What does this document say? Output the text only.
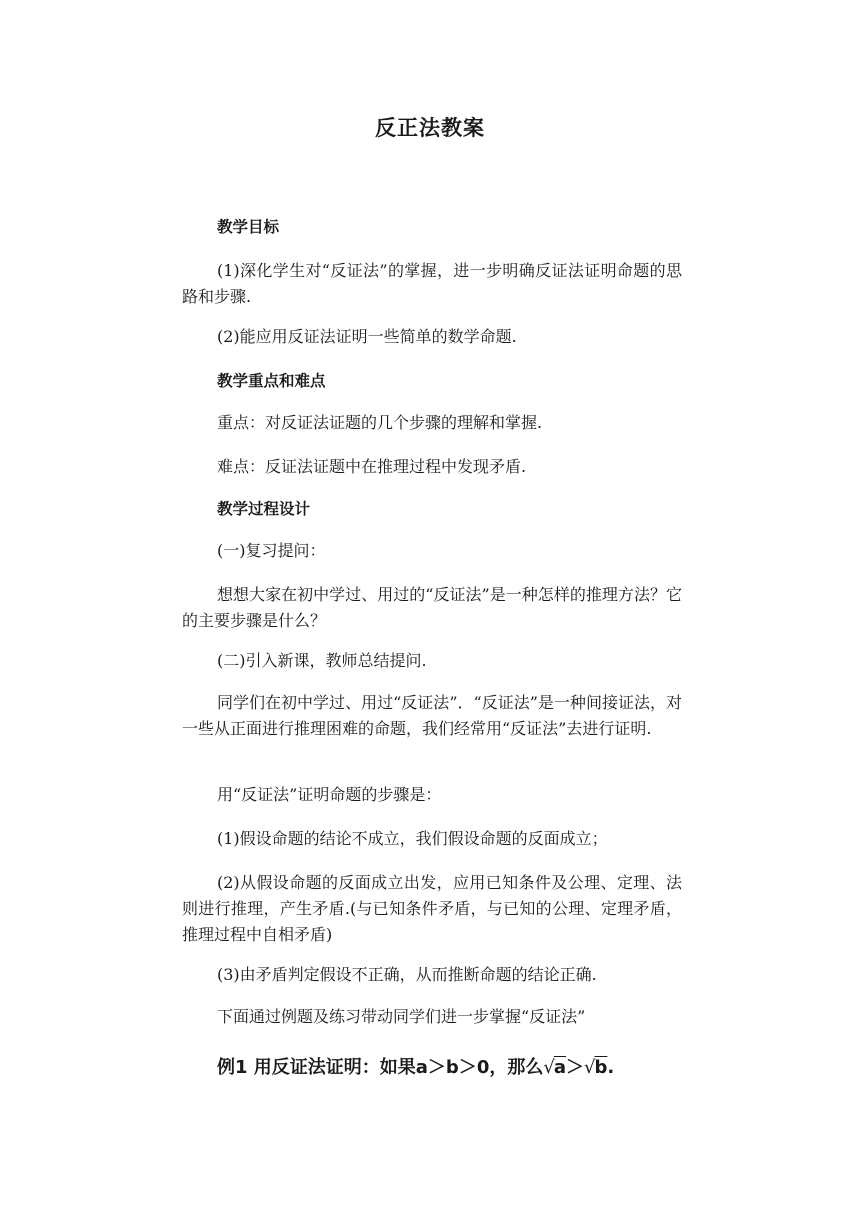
反正法教案
教学目标
(1)深化学生对“反证法”的掌握，进一步明确反证法证明命题的思路和步骤.
(2)能应用反证法证明一些简单的数学命题.
教学重点和难点
重点：对反证法证题的几个步骤的理解和掌握.
难点：反证法证题中在推理过程中发现矛盾.
教学过程设计
(一)复习提问：
想想大家在初中学过、用过的“反证法”是一种怎样的推理方法？它的主要步骤是什么？
(二)引入新课，教师总结提问.
同学们在初中学过、用过“反证法”．“反证法”是一种间接证法，对一些从正面进行推理困难的命题，我们经常用“反证法”去进行证明.
用“反证法”证明命题的步骤是：
(1)假设命题的结论不成立，我们假设命题的反面成立；
(2)从假设命题的反面成立出发，应用已知条件及公理、定理、法则进行推理，产生矛盾.(与已知条件矛盾，与已知的公理、定理矛盾，推理过程中自相矛盾)
(3)由矛盾判定假设不正确，从而推断命题的结论正确.
下面通过例题及练习带动同学们进一步掌握“反证法”
例1 用反证法证明：如果a＞b＞0，那么√a＞√b.
